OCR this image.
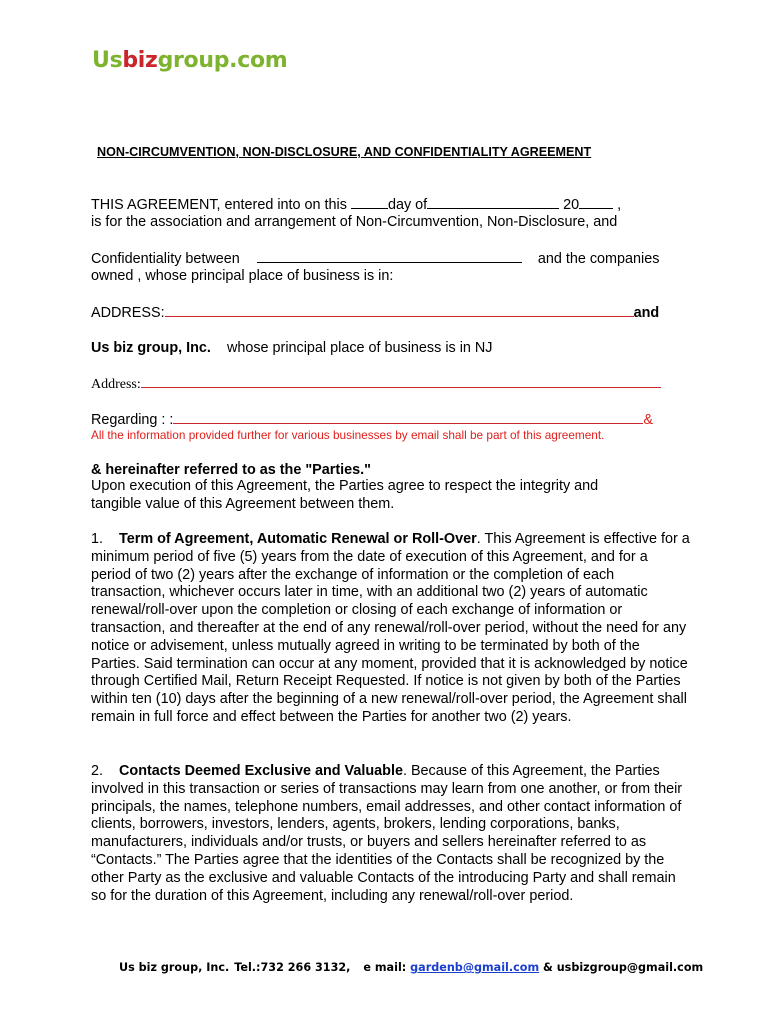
Usbizgroup.com
NON-CIRCUMVENTION, NON-DISCLOSURE, AND CONFIDENTIALITY AGREEMENT
THIS AGREEMENT, entered into on this	day of	20 ,
is for the association and arrangement of Non-Circumvention, Non-Disclosure, and
Confidentiality between	and the companies
owned , whose principal place of business is in:
ADDRESS:	and
Us biz group, Inc. whose principal place of business is in NJ
Address:
Regarding : :	&
All the information provided further for various businesses by email shall be part of this agreement.
& hereinafter referred to as the "Parties."
Upon execution of this Agreement, the Parties agree to respect the integrity and tangible value of this Agreement between them.
1. Term of Agreement, Automatic Renewal or Roll-Over. This Agreement is effective for a minimum period of five (5) years from the date of execution of this Agreement, and for a period of two (2) years after the exchange of information or the completion of each transaction, whichever occurs later in time, with an additional two (2) years of automatic renewal/roll-over upon the completion or closing of each exchange of information or transaction, and thereafter at the end of any renewal/roll-over period, without the need for any notice or advisement, unless mutually agreed in writing to be terminated by both of the Parties. Said termination can occur at any moment, provided that it is acknowledged by notice through Certified Mail, Return Receipt Requested. If notice is not given by both of the Parties within ten (10) days after the beginning of a new renewal/roll-over period, the Agreement shall remain in full force and effect between the Parties for another two (2) years.
2. Contacts Deemed Exclusive and Valuable. Because of this Agreement, the Parties involved in this transaction or series of transactions may learn from one another, or from their principals, the names, telephone numbers, email addresses, and other contact information of clients, borrowers, investors, lenders, agents, brokers, lending corporations, banks, manufacturers, individuals and/or trusts, or buyers and sellers hereinafter referred to as “Contacts.” The Parties agree that the identities of the Contacts shall be recognized by the other Party as the exclusive and valuable Contacts of the introducing Party and shall remain so for the duration of this Agreement, including any renewal/roll-over period.
Us biz group, Inc. Tel.:732 266 3132, e mail: gardenb@gmail.com & usbizgroup@gmail.com
